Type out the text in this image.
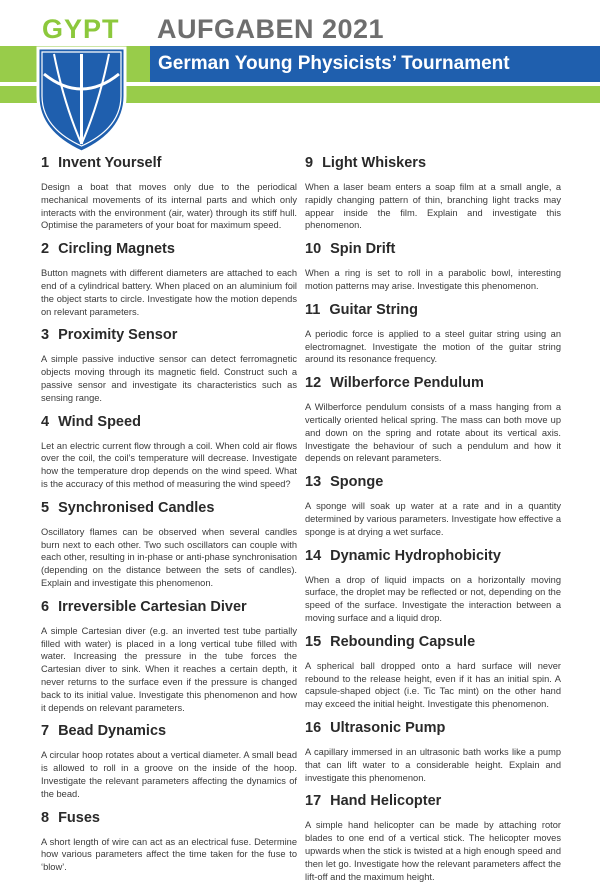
German Young Physicists’ Tournament
GYPT AUFGABEN 2021
1 Invent Yourself

Design a boat that moves only due to the periodical mechanical movements of its internal parts and which only interacts with the environment (air, water) through its stiff hull. Optimise the parameters of your boat for maximum speed.

2 Circling Magnets

Button magnets with different diameters are attached to each end of a cylindrical battery. When placed on an aluminium foil the object starts to circle. Investigate how the motion depends on relevant parameters.

3 Proximity Sensor

A simple passive inductive sensor can detect ferromagnetic objects moving through its magnetic field. Construct such a passive sensor and investigate its characteristics such as sensing range.

4 Wind Speed

Let an electric current flow through a coil. When cold air flows over the coil, the coil’s temperature will decrease. Investigate how the temperature drop depends on the wind speed. What is the accuracy of this method of measuring the wind speed?

5 Synchronised Candles

Oscillatory flames can be observed when several candles burn next to each other. Two such oscillators can couple with each other, resulting in in-phase or anti-phase synchronisation (depending on the distance between the sets of candles). Explain and investigate this phenomenon.

6 Irreversible Cartesian Diver

A simple Cartesian diver (e.g. an inverted test tube partially filled with water) is placed in a long vertical tube filled with water. Increasing the pressure in the tube forces the Cartesian diver to sink. When it reaches a certain depth, it never returns to the surface even if the pressure is changed back to its initial value. Investigate this phenomenon and how it depends on relevant parameters.

7 Bead Dynamics

A circular hoop rotates about a vertical diameter. A small bead is allowed to roll in a groove on the inside of the hoop. Investigate the relevant parameters affecting the dynamics of the bead.

8 Fuses

A short length of wire can act as an electrical fuse. Determine how various parameters affect the time taken for the fuse to ‘blow’.

9 Light Whiskers

When a laser beam enters a soap film at a small angle, a rapidly changing pattern of thin, branching light tracks may appear inside the film. Explain and investigate this phenomenon.

10 Spin Drift

When a ring is set to roll in a parabolic bowl, interesting motion patterns may arise. Investigate this phenomenon.

11 Guitar String

A periodic force is applied to a steel guitar string using an electromagnet. Investigate the motion of the guitar string around its resonance frequency.

12 Wilberforce Pendulum

A Wilberforce pendulum consists of a mass hanging from a vertically oriented helical spring. The mass can both move up and down on the spring and rotate about its vertical axis. Investigate the behaviour of such a pendulum and how it depends on relevant parameters.

13 Sponge

A sponge will soak up water at a rate and in a quantity determined by various parameters. Investigate how effective a sponge is at drying a wet surface.

14 Dynamic Hydrophobicity

When a drop of liquid impacts on a horizontally moving surface, the droplet may be reflected or not, depending on the speed of the surface. Investigate the interaction between a moving surface and a liquid drop.

15 Rebounding Capsule

A spherical ball dropped onto a hard surface will never rebound to the release height, even if it has an initial spin. A capsule-shaped object (i.e. Tic Tac mint) on the other hand may exceed the initial height. Investigate this phenomenon.

16 Ultrasonic Pump

A capillary immersed in an ultrasonic bath works like a pump that can lift water to a considerable height. Explain and investigate this phenomenon.

17 Hand Helicopter

A simple hand helicopter can be made by attaching rotor blades to one end of a vertical stick. The helicopter moves upwards when the stick is twisted at a high enough speed and then let go. Investigate how the relevant parameters affect the lift-off and the maximum height.
